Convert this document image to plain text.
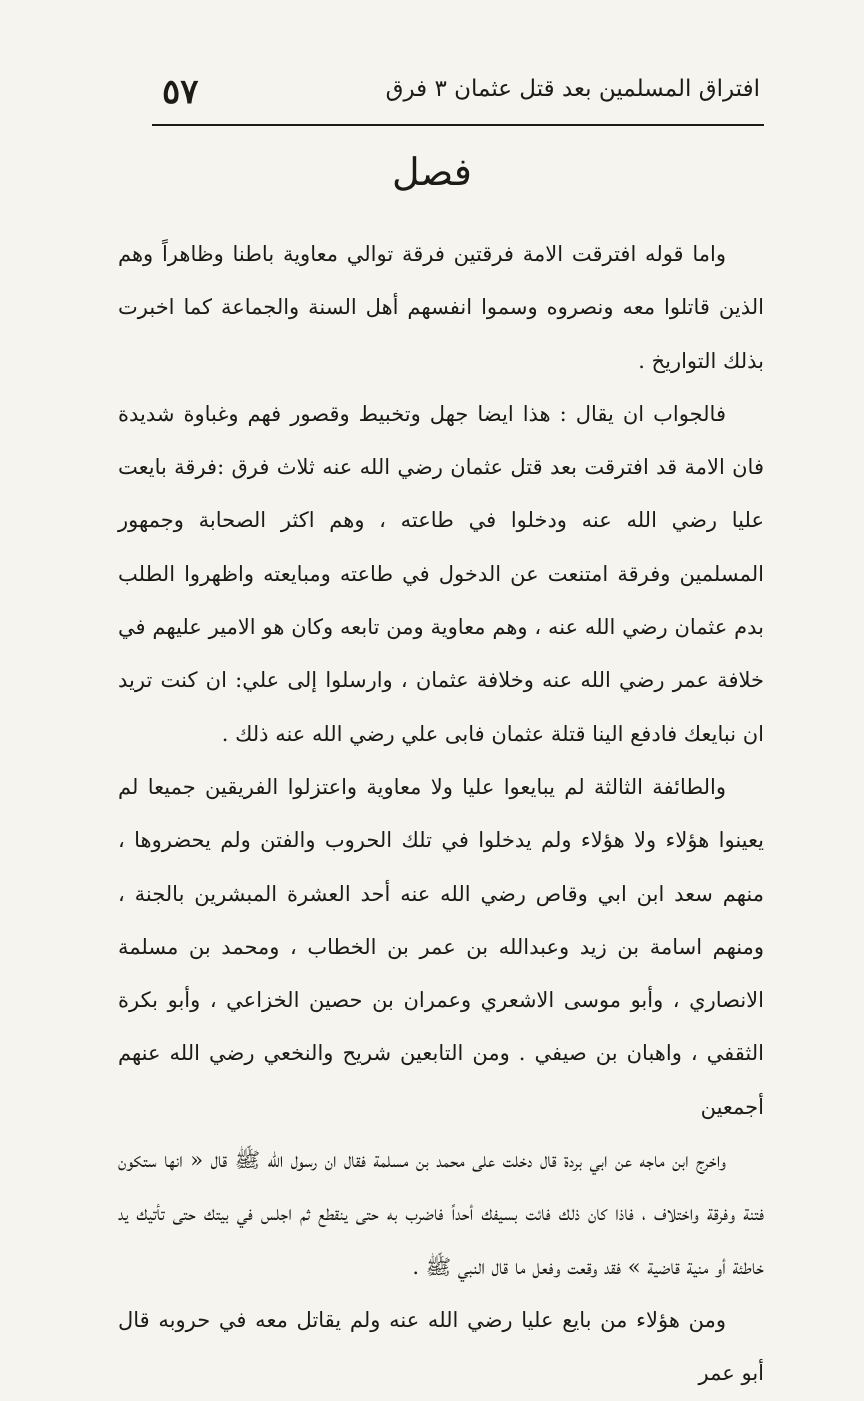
افتراق المسلمين بعد قتل عثمان ٣ فرق
٥٧
فصل

واما قوله افترقت الامة فرقتين فرقة توالي معاوية باطنا وظاهراً وهم الذين قاتلوا معه ونصروه وسموا انفسهم أهل السنة والجماعة كما اخبرت بذلك التواريخ .

فالجواب ان يقال : هذا ايضا جهل وتخبيط وقصور فهم وغباوة شديدة فان الامة قد افترقت بعد قتل عثمان رضي الله عنه ثلاث فرق :فرقة بايعت عليا رضي الله عنه ودخلوا في طاعته ، وهم اكثر الصحابة وجمهور المسلمين وفرقة امتنعت عن الدخول في طاعته ومبايعته واظهروا الطلب بدم عثمان رضي الله عنه ، وهم معاوية ومن تابعه وكان هو الامير عليهم في خلافة عمر رضي الله عنه وخلافة عثمان ، وارسلوا إلى علي: ان كنت تريد ان نبايعك فادفع الينا قتلة عثمان فابى علي رضي الله عنه ذلك .

والطائفة الثالثة لم يبايعوا عليا ولا معاوية واعتزلوا الفريقين جميعا لم يعينوا هؤلاء ولا هؤلاء ولم يدخلوا في تلك الحروب والفتن ولم يحضروها ، منهم سعد ابن ابي وقاص رضي الله عنه أحد العشرة المبشرين بالجنة ، ومنهم اسامة بن زيد وعبدالله بن عمر بن الخطاب ، ومحمد بن مسلمة الانصاري ، وأبو موسى الاشعري وعمران بن حصين الخزاعي ، وأبو بكرة الثقفي ، واهبان بن صيفي . ومن التابعين شريح والنخعي رضي الله عنهم أجمعين

واخرج ابن ماجه عن ابي بردة قال دخلت على محمد بن مسلمة فقال ان رسول الله ﷺ قال « انها ستكون فتنة وفرقة واختلاف ، فاذا كان ذلك فائت بسيفك أحداً فاضرب به حتى ينقطع ثم اجلس في بيتك حتى تأتيك يد خاطئة أو منية قاضية » فقد وقعت وفعل ما قال النبي ﷺ .

ومن هؤلاء من بايع عليا رضي الله عنه ولم يقاتل معه في حروبه قال أبو عمر
